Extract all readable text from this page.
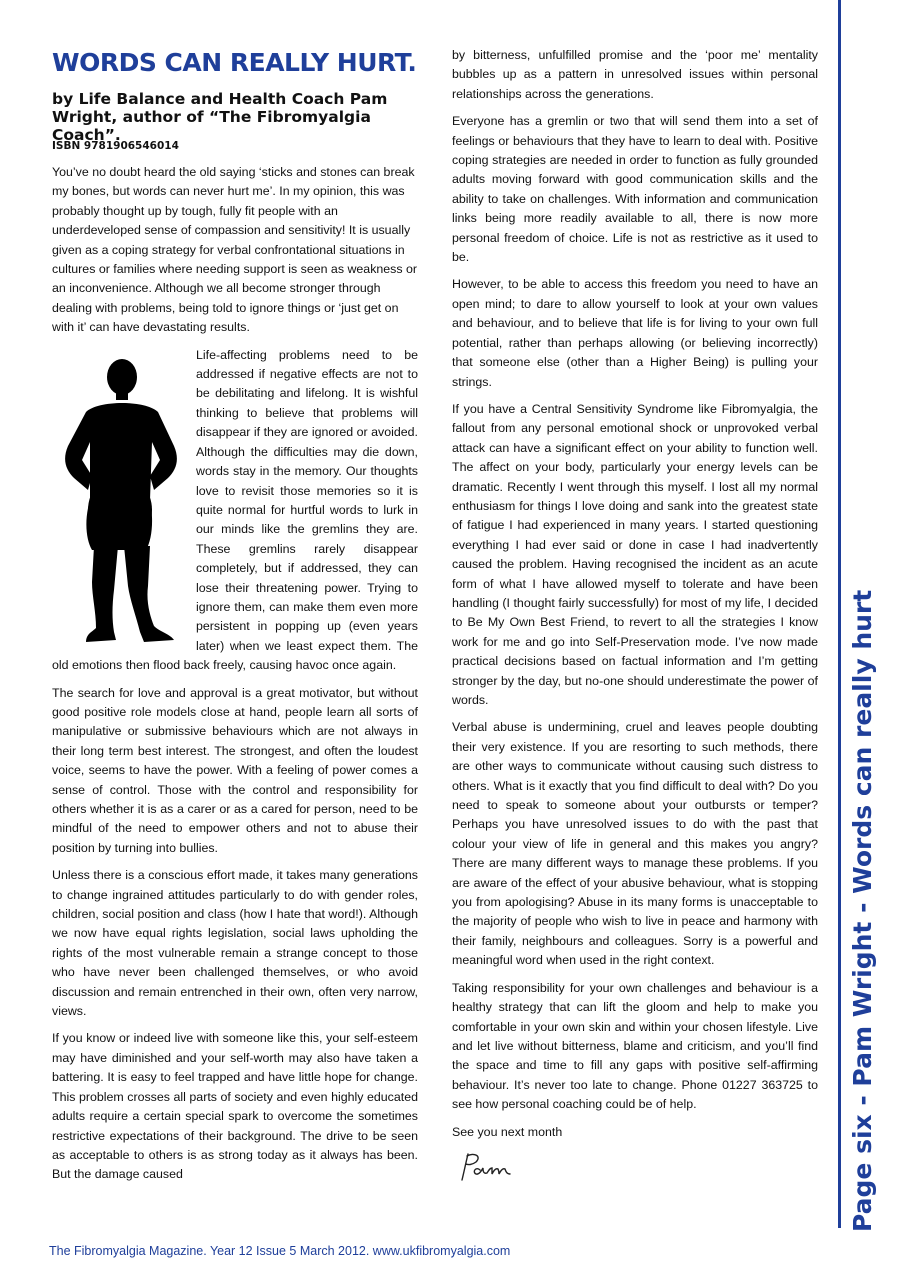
WORDS CAN REALLY HURT.

by Life Balance and Health Coach Pam Wright, author of “The Fibromyalgia Coach”.

ISBN 9781906546014

You’ve no doubt heard the old saying ‘sticks and stones can break my bones, but words can never hurt me’. In my opinion, this was probably thought up by tough, fully fit people with an underdeveloped sense of compassion and sensitivity! It is usually given as a coping strategy for verbal confrontational situations in cultures or families where needing support is seen as weakness or an inconvenience. Although we all become stronger through dealing with problems, being told to ignore things or ‘just get on with it’ can have devastating results.

Life-affecting problems need to be addressed if negative effects are not to be debilitating and lifelong. It is wishful thinking to believe that problems will disappear if they are ignored or avoided. Although the difficulties may die down, words stay in the memory. Our thoughts love to revisit those memories so it is quite normal for hurtful words to lurk in our minds like the gremlins they are. These gremlins rarely disappear completely, but if addressed, they can lose their threatening power. Trying to ignore them, can make them even more persistent in popping up (even years later) when we least expect them. The old emotions then flood back freely, causing havoc once again.

The search for love and approval is a great motivator, but without good positive role models close at hand, people learn all sorts of manipulative or submissive behaviours which are not always in their long term best interest. The strongest, and often the loudest voice, seems to have the power. With a feeling of power comes a sense of control. Those with the control and responsibility for others whether it is as a carer or as a cared for person, need to be mindful of the need to empower others and not to abuse their position by turning into bullies.

Unless there is a conscious effort made, it takes many generations to change ingrained attitudes particularly to do with gender roles, children, social position and class (how I hate that word!). Although we now have equal rights legislation, social laws upholding the rights of the most vulnerable remain a strange concept to those who have never been challenged themselves, or who avoid discussion and remain entrenched in their own, often very narrow, views.

If you know or indeed live with someone like this, your self-esteem may have diminished and your self-worth may also have taken a battering. It is easy to feel trapped and have little hope for change. This problem crosses all parts of society and even highly educated adults require a certain special spark to overcome the sometimes restrictive expectations of their background. The drive to be seen as acceptable to others is as strong today as it always has been. But the damage caused

by bitterness, unfulfilled promise and the ‘poor me’ mentality bubbles up as a pattern in unresolved issues within personal relationships across the generations.

Everyone has a gremlin or two that will send them into a set of feelings or behaviours that they have to learn to deal with. Positive coping strategies are needed in order to function as fully grounded adults moving forward with good communication skills and the ability to take on challenges. With information and communication links being more readily available to all, there is now more personal freedom of choice. Life is not as restrictive as it used to be.

However, to be able to access this freedom you need to have an open mind; to dare to allow yourself to look at your own values and behaviour, and to believe that life is for living to your own full potential, rather than perhaps allowing (or believing incorrectly) that someone else (other than a Higher Being) is pulling your strings.

If you have a Central Sensitivity Syndrome like Fibromyalgia, the fallout from any personal emotional shock or unprovoked verbal attack can have a significant effect on your ability to function well. The affect on your body, particularly your energy levels can be dramatic. Recently I went through this myself. I lost all my normal enthusiasm for things I love doing and sank into the greatest state of fatigue I had experienced in many years. I started questioning everything I had ever said or done in case I had inadvertently caused the problem. Having recognised the incident as an acute form of what I have allowed myself to tolerate and have been handling (I thought fairly successfully) for most of my life, I decided to Be My Own Best Friend, to revert to all the strategies I know work for me and go into Self-Preservation mode. I’ve now made practical decisions based on factual information and I’m getting stronger by the day, but no-one should underestimate the power of words.

Verbal abuse is undermining, cruel and leaves people doubting their very existence. If you are resorting to such methods, there are other ways to communicate without causing such distress to others. What is it exactly that you find difficult to deal with? Do you need to speak to someone about your outbursts or temper? Perhaps you have unresolved issues to do with the past that colour your view of life in general and this makes you angry? There are many different ways to manage these problems. If you are aware of the effect of your abusive behaviour, what is stopping you from apologising? Abuse in its many forms is unacceptable to the majority of people who wish to live in peace and harmony with their family, neighbours and colleagues. Sorry is a powerful and meaningful word when used in the right context.

Taking responsibility for your own challenges and behaviour is a healthy strategy that can lift the gloom and help to make you comfortable in your own skin and within your chosen lifestyle. Live and let live without bitterness, blame and criticism, and you’ll find the space and time to fill any gaps with positive self-affirming behaviour. It’s never too late to change. Phone 01227 363725 to see how personal coaching could be of help.

See you next month	Page six - Pam Wright - Words can really hurt
The Fibromyalgia Magazine. Year 12 Issue 5 March 2012. www.ukfibromyalgia.com
